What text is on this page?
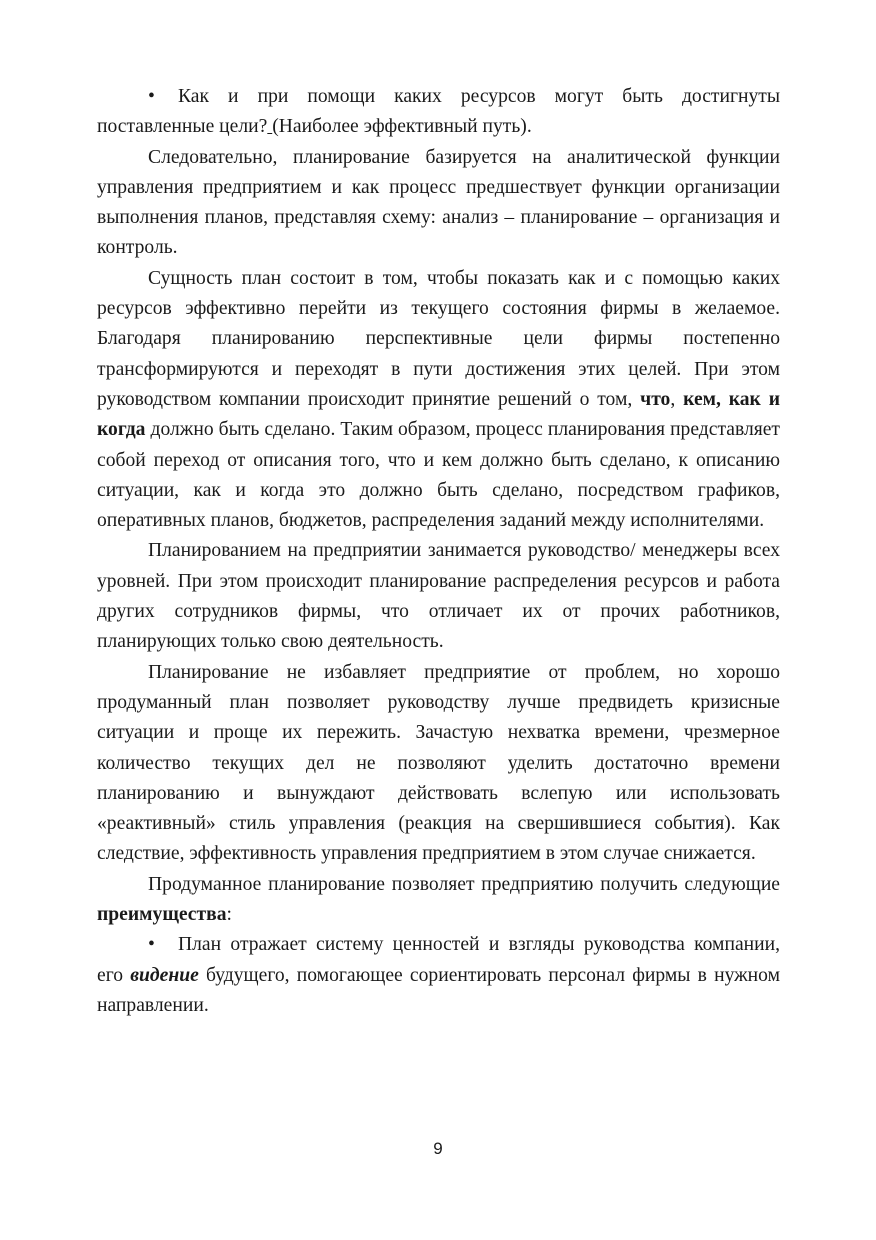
• Как и при помощи каких ресурсов могут быть достигнуты поставленные цели? (Наиболее эффективный путь).

Следовательно, планирование базируется на аналитической функции управления предприятием и как процесс предшествует функции организации выполнения планов, представляя схему: анализ – планирование – организация и контроль.

Сущность план состоит в том, чтобы показать как и с помощью каких ресурсов эффективно перейти из текущего состояния фирмы в желаемое. Благодаря планированию перспективные цели фирмы постепенно трансформируются и переходят в пути достижения этих целей. При этом руководством компании происходит принятие решений о том, что, кем, как и когда должно быть сделано. Таким образом, процесс планирования представляет собой переход от описания того, что и кем должно быть сделано, к описанию ситуации, как и когда это должно быть сделано, посредством графиков, оперативных планов, бюджетов, распределения заданий между исполнителями.

Планированием на предприятии занимается руководство/ менеджеры всех уровней. При этом происходит планирование распределения ресурсов и работа других сотрудников фирмы, что отличает их от прочих работников, планирующих только свою деятельность.

Планирование не избавляет предприятие от проблем, но хорошо продуманный план позволяет руководству лучше предвидеть кризисные ситуации и проще их пережить. Зачастую нехватка времени, чрезмерное количество текущих дел не позволяют уделить достаточно времени планированию и вынуждают действовать вслепую или использовать «реактивный» стиль управления (реакция на свершившиеся события). Как следствие, эффективность управления предприятием в этом случае снижается.

Продуманное планирование позволяет предприятию получить следующие преимущества:

• План отражает систему ценностей и взгляды руководства компании, его видение будущего, помогающее сориентировать персонал фирмы в нужном направлении.

9
